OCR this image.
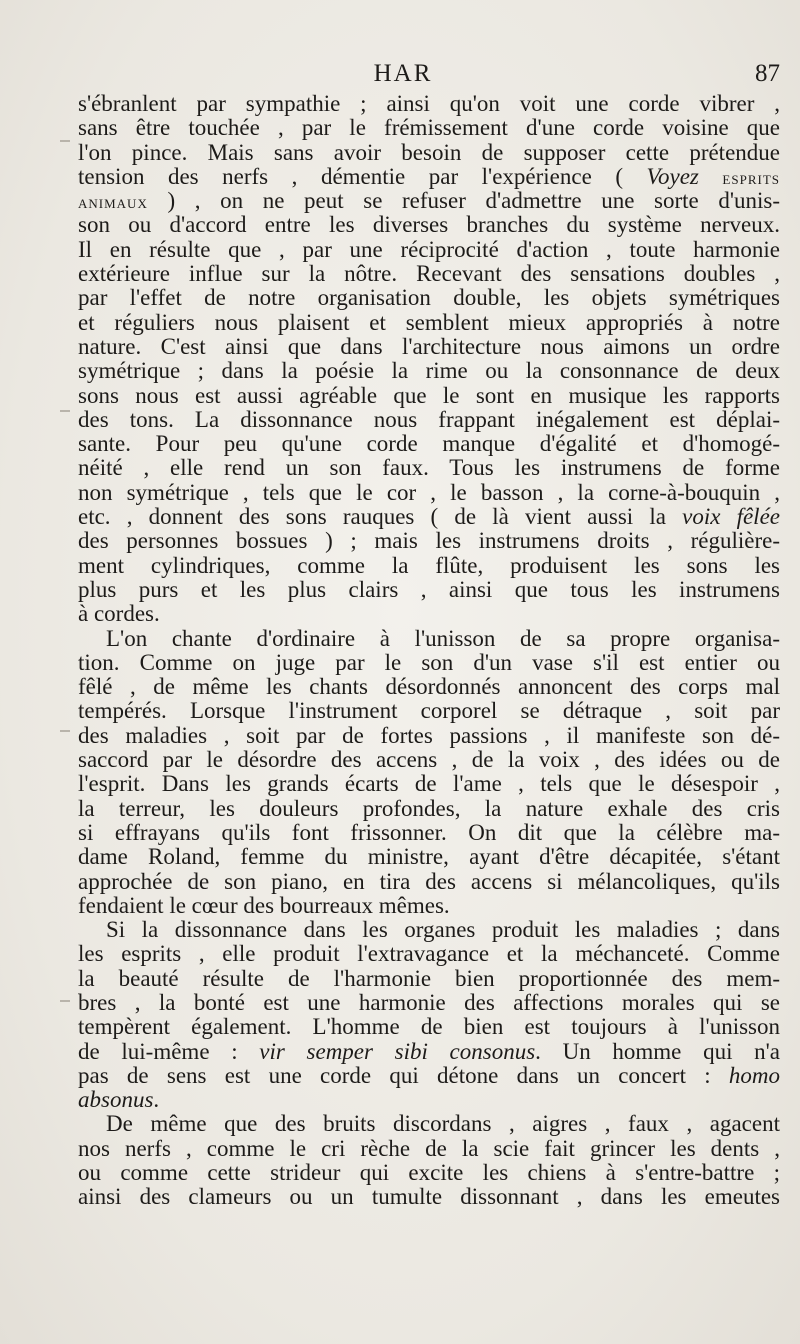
HAR	87
s'ébranlent par sympathie ; ainsi qu'on voit une corde vibrer ,
sans être touchée , par le frémissement d'une corde voisine que
l'on pince. Mais sans avoir besoin de supposer cette prétendue
tension des nerfs , démentie par l'expérience ( Voyez esprits
animaux ) , on ne peut se refuser d'admettre une sorte d'unis-
son ou d'accord entre les diverses branches du système nerveux.
Il en résulte que , par une réciprocité d'action , toute harmonie
extérieure influe sur la nôtre. Recevant des sensations doubles ,
par l'effet de notre organisation double, les objets symétriques
et réguliers nous plaisent et semblent mieux appropriés à notre
nature. C'est ainsi que dans l'architecture nous aimons un ordre
symétrique ; dans la poésie la rime ou la consonnance de deux
sons nous est aussi agréable que le sont en musique les rapports
des tons. La dissonnance nous frappant inégalement est déplai-
sante. Pour peu qu'une corde manque d'égalité et d'homogé-
néité , elle rend un son faux. Tous les instrumens de forme
non symétrique , tels que le cor , le basson , la corne-à-bouquin ,
etc. , donnent des sons rauques ( de là vient aussi la voix fêlée
des personnes bossues ) ; mais les instrumens droits , régulière-
ment cylindriques, comme la flûte, produisent les sons les
plus purs et les plus clairs , ainsi que tous les instrumens
à cordes.
L'on chante d'ordinaire à l'unisson de sa propre organisa-
tion. Comme on juge par le son d'un vase s'il est entier ou
fêlé , de même les chants désordonnés annoncent des corps mal
tempérés. Lorsque l'instrument corporel se détraque , soit par
des maladies , soit par de fortes passions , il manifeste son dé-
saccord par le désordre des accens , de la voix , des idées ou de
l'esprit. Dans les grands écarts de l'ame , tels que le désespoir ,
la terreur, les douleurs profondes, la nature exhale des cris
si effrayans qu'ils font frissonner. On dit que la célèbre ma-
dame Roland, femme du ministre, ayant d'être décapitée, s'étant
approchée de son piano, en tira des accens si mélancoliques, qu'ils
fendaient le cœur des bourreaux mêmes.
Si la dissonnance dans les organes produit les maladies ; dans
les esprits , elle produit l'extravagance et la méchanceté. Comme
la beauté résulte de l'harmonie bien proportionnée des mem-
bres , la bonté est une harmonie des affections morales qui se
tempèrent également. L'homme de bien est toujours à l'unisson
de lui-même : vir semper sibi consonus. Un homme qui n'a
pas de sens est une corde qui détone dans un concert : homo
absonus.
De même que des bruits discordans , aigres , faux , agacent
nos nerfs , comme le cri rèche de la scie fait grincer les dents ,
ou comme cette strideur qui excite les chiens à s'entre-battre ;
ainsi des clameurs ou un tumulte dissonnant , dans les emeutes
